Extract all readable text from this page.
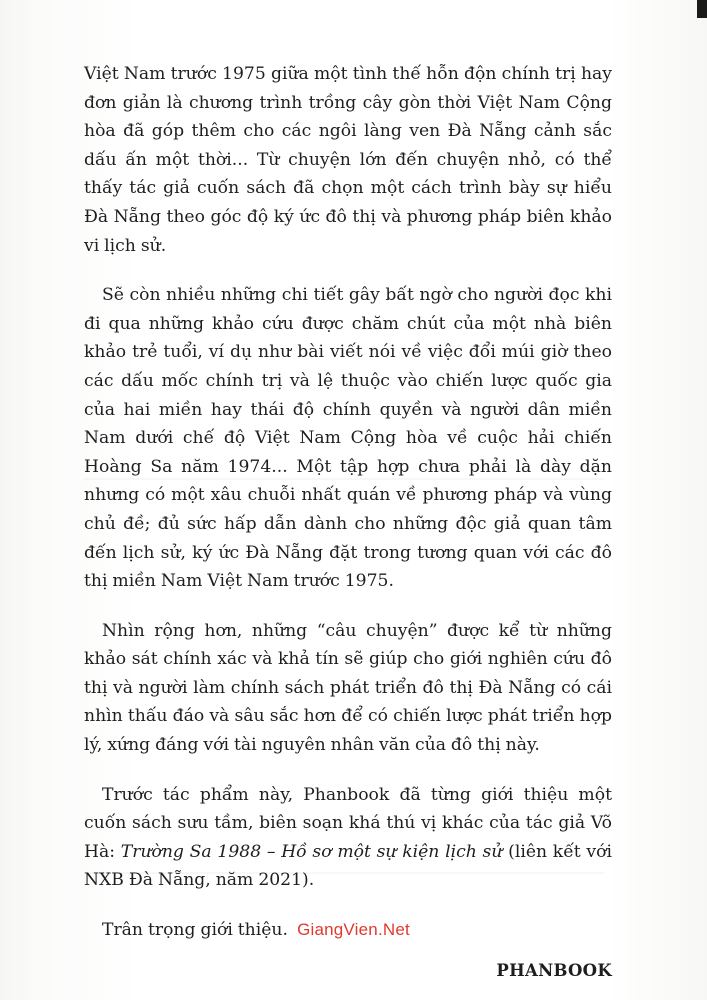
Việt Nam trước 1975 giữa một tình thế hỗn độn chính trị hay đơn giản là chương trình trồng cây gòn thời Việt Nam Cộng hòa đã góp thêm cho các ngôi làng ven Đà Nẵng cảnh sắc dấu ấn một thời... Từ chuyện lớn đến chuyện nhỏ, có thể thấy tác giả cuốn sách đã chọn một cách trình bày sự hiểu Đà Nẵng theo góc độ ký ức đô thị và phương pháp biên khảo vi lịch sử.

Sẽ còn nhiều những chi tiết gây bất ngờ cho người đọc khi đi qua những khảo cứu được chăm chút của một nhà biên khảo trẻ tuổi, ví dụ như bài viết nói về việc đổi múi giờ theo các dấu mốc chính trị và lệ thuộc vào chiến lược quốc gia của hai miền hay thái độ chính quyền và người dân miền Nam dưới chế độ Việt Nam Cộng hòa về cuộc hải chiến Hoàng Sa năm 1974... Một tập hợp chưa phải là dày dặn nhưng có một xâu chuỗi nhất quán về phương pháp và vùng chủ đề; đủ sức hấp dẫn dành cho những độc giả quan tâm đến lịch sử, ký ức Đà Nẵng đặt trong tương quan với các đô thị miền Nam Việt Nam trước 1975.

Nhìn rộng hơn, những “câu chuyện” được kể từ những khảo sát chính xác và khả tín sẽ giúp cho giới nghiên cứu đô thị và người làm chính sách phát triển đô thị Đà Nẵng có cái nhìn thấu đáo và sâu sắc hơn để có chiến lược phát triển hợp lý, xứng đáng với tài nguyên nhân văn của đô thị này.

Trước tác phẩm này, Phanbook đã từng giới thiệu một cuốn sách sưu tầm, biên soạn khá thú vị khác của tác giả Võ Hà: Trường Sa 1988 – Hồ sơ một sự kiện lịch sử (liên kết với NXB Đà Nẵng, năm 2021).

Trân trọng giới thiệu.

PHANBOOK
GiangVien.Net
